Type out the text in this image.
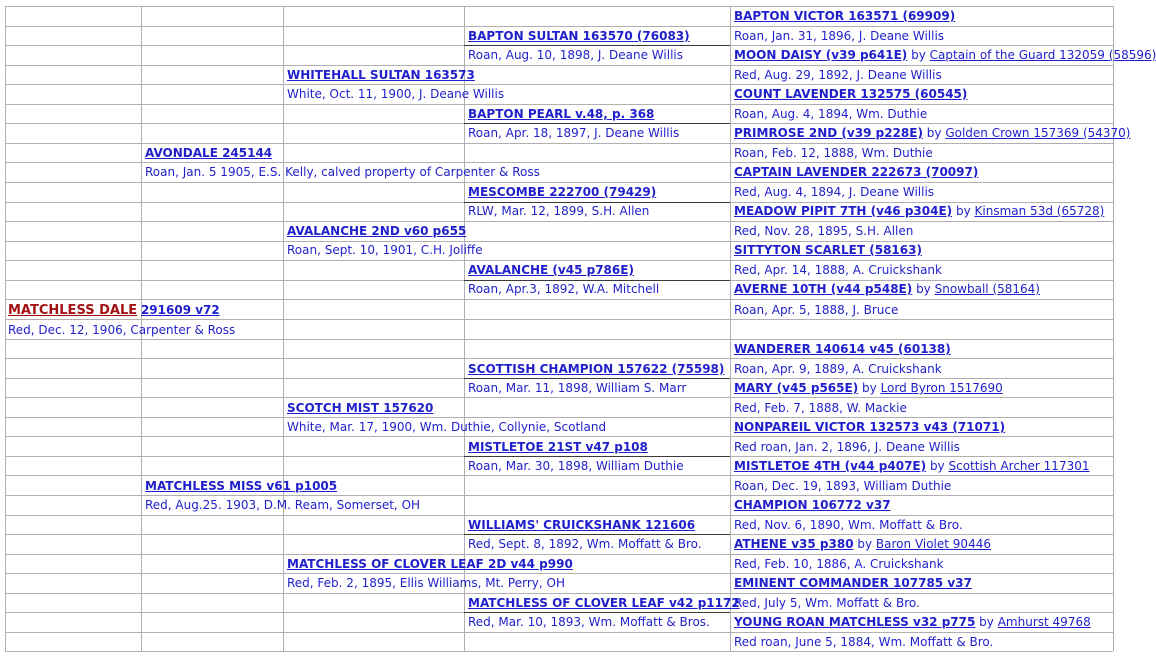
MATCHLESS DALE 291609 v72
Red, Dec. 12, 1906, Carpenter & Ross
AVONDALE 245144
Roan, Jan. 5 1905, E.S. Kelly, calved property of Carpenter & Ross
MATCHLESS MISS v61 p1005
Red, Aug.25. 1903, D.M. Ream, Somerset, OH
WHITEHALL SULTAN 163573
White, Oct. 11, 1900, J. Deane Willis
AVALANCHE 2ND v60 p655
Roan, Sept. 10, 1901, C.H. Joliffe
SCOTCH MIST 157620
White, Mar. 17, 1900, Wm. Duthie, Collynie, Scotland
MATCHLESS OF CLOVER LEAF 2D v44 p990
Red, Feb. 2, 1895, Ellis Williams, Mt. Perry, OH
BAPTON SULTAN 163570 (76083)
Roan, Aug. 10, 1898, J. Deane Willis
BAPTON PEARL v.48, p. 368
Roan, Apr. 18, 1897, J. Deane Willis
MESCOMBE 222700 (79429)
RLW, Mar. 12, 1899, S.H. Allen
AVALANCHE (v45 p786E)
Roan, Apr.3, 1892, W.A. Mitchell
SCOTTISH CHAMPION 157622 (75598)
Roan, Mar. 11, 1898, William S. Marr
MISTLETOE 21ST v47 p108
Roan, Mar. 30, 1898, William Duthie
WILLIAMS' CRUICKSHANK 121606
Red, Sept. 8, 1892, Wm. Moffatt & Bro.
MATCHLESS OF CLOVER LEAF v42 p1172
Red, Mar. 10, 1893, Wm. Moffatt & Bros.
BAPTON VICTOR 163571 (69909)
Roan, Jan. 31, 1896, J. Deane Willis
MOON DAISY (v39 p641E) by Captain of the Guard 132059 (58596)
Red, Aug. 29, 1892, J. Deane Willis
COUNT LAVENDER 132575 (60545)
Roan, Aug. 4, 1894, Wm. Duthie
PRIMROSE 2ND (v39 p228E) by Golden Crown 157369 (54370)
Roan, Feb. 12, 1888, Wm. Duthie
CAPTAIN LAVENDER 222673 (70097)
Red, Aug. 4, 1894, J. Deane Willis
MEADOW PIPIT 7TH (v46 p304E) by Kinsman 53d (65728)
Red, Nov. 28, 1895, S.H. Allen
SITTYTON SCARLET (58163)
Red, Apr. 14, 1888, A. Cruickshank
AVERNE 10TH (v44 p548E) by Snowball (58164)
Roan, Apr. 5, 1888, J. Bruce
WANDERER 140614 v45 (60138)
Roan, Apr. 9, 1889, A. Cruickshank
MARY (v45 p565E) by Lord Byron 1517690
Red, Feb. 7, 1888, W. Mackie
NONPAREIL VICTOR 132573 v43 (71071)
Red roan, Jan. 2, 1896, J. Deane Willis
MISTLETOE 4TH (v44 p407E) by Scottish Archer 117301
Roan, Dec. 19, 1893, William Duthie
CHAMPION 106772 v37
Red, Nov. 6, 1890, Wm. Moffatt & Bro.
ATHENE v35 p380 by Baron Violet 90446
Red, Feb. 10, 1886, A. Cruickshank
EMINENT COMMANDER 107785 v37
Red, July 5, Wm. Moffatt & Bro.
YOUNG ROAN MATCHLESS v32 p775 by Amhurst 49768
Red roan, June 5, 1884, Wm. Moffatt & Bro.
